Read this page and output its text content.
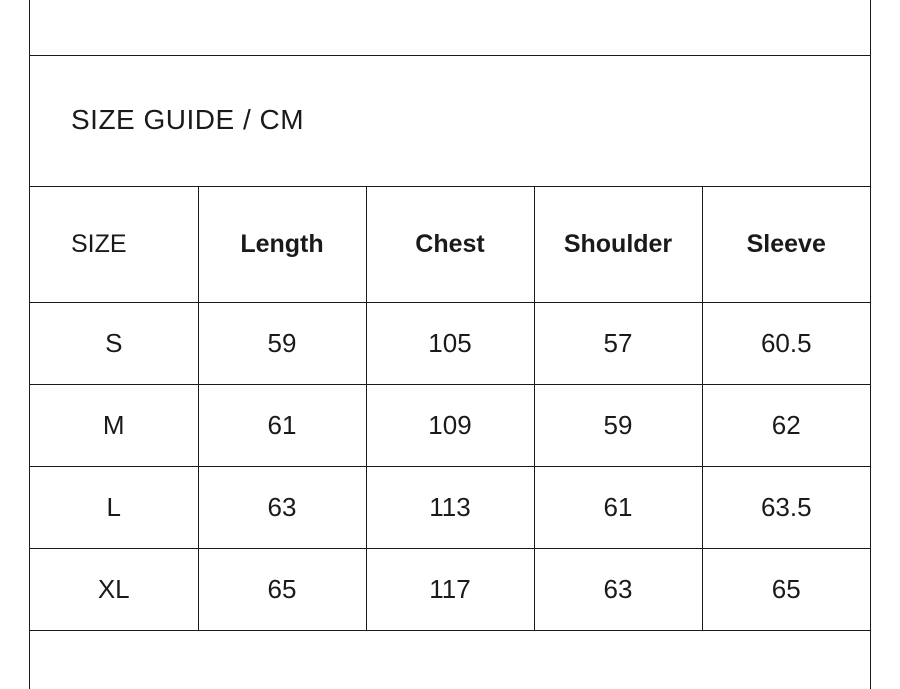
SIZE GUIDE / CM
SIZE	Length	Chest	Shoulder	Sleeve
S	59	105	57	60.5
M	61	109	59	62
L	63	113	61	63.5
XL	65	117	63	65
